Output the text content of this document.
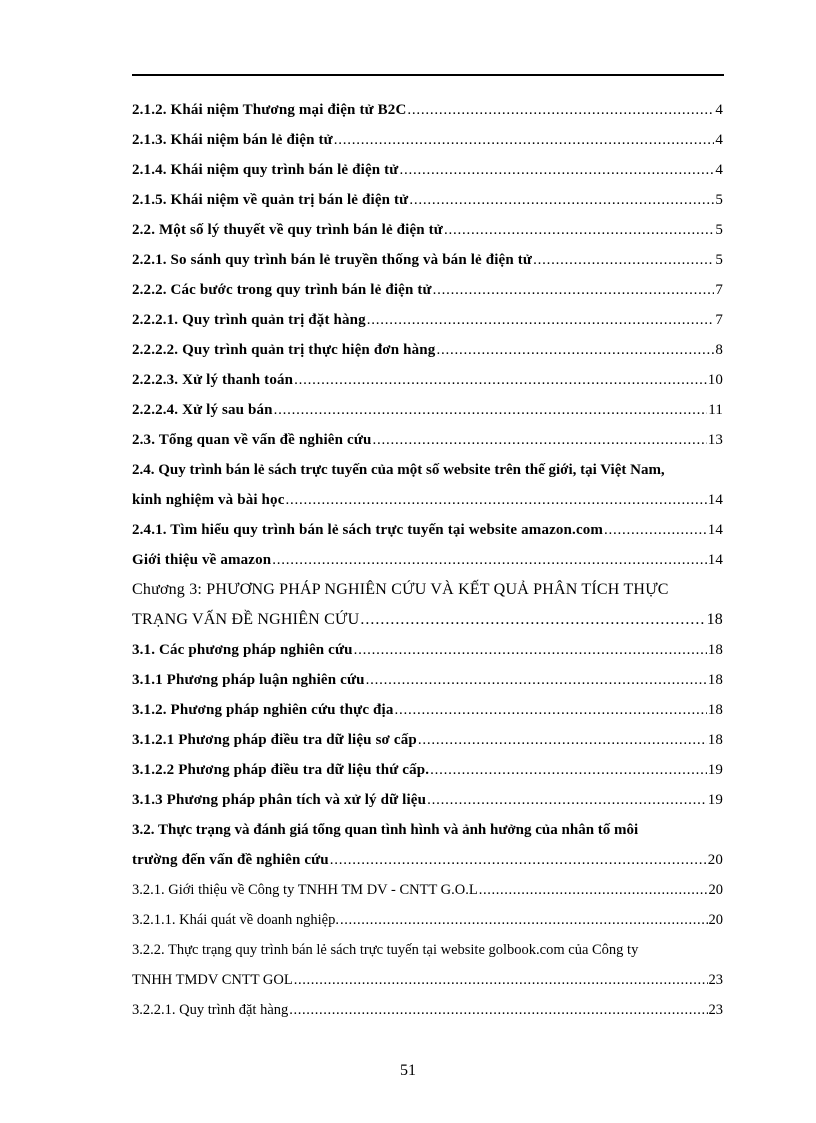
2.1.2. Khái niệm Thương mại điện tử B2C . . .	4
2.1.3. Khái niệm bán lẻ điện tử . . .	4
2.1.4. Khái niệm quy trình bán lẻ điện tử . . .	4
2.1.5. Khái niệm về quản trị bán lẻ điện tử . . .	5
2.2. Một số lý thuyết về quy trình bán lẻ điện tử . . .	5
2.2.1. So sánh quy trình bán lẻ truyền thống và bán lẻ điện tử . . .	5
2.2.2. Các bước trong quy trình bán lẻ điện tử . . .	7
2.2.2.1. Quy trình quản trị đặt hàng . . .	7
2.2.2.2. Quy trình quản trị thực hiện đơn hàng . . .	8
2.2.2.3. Xử lý thanh toán . . .	10
2.2.2.4. Xử lý sau bán . . .	11
2.3. Tổng quan về vấn đề nghiên cứu . . .	13
2.4. Quy trình bán lẻ sách trực tuyến của một số website trên thế giới, tại Việt Nam,
kinh nghiệm và bài học . . .	14
2.4.1. Tìm hiểu quy trình bán lẻ sách trực tuyến tại website amazon.com . . .	14
Giới thiệu về amazon . . .	14
Chương 3: PHƯƠNG PHÁP NGHIÊN CỨU VÀ KẾT QUẢ PHÂN TÍCH THỰC
TRẠNG VẤN ĐỀ NGHIÊN CỨU . . .	18
3.1. Các phương pháp nghiên cứu . . .	18
3.1.1 Phương pháp luận nghiên cứu . . .	18
3.1.2. Phương pháp nghiên cứu thực địa . . .	18
3.1.2.1 Phương pháp điều tra dữ liệu sơ cấp . . .	18
3.1.2.2 Phương pháp điều tra dữ liệu thứ cấp. . . .	19
3.1.3 Phương pháp phân tích và xử lý dữ liệu . . .	19
3.2. Thực trạng và đánh giá tổng quan tình hình và ảnh hưởng của nhân tố môi
trường đến vấn đề nghiên cứu . . .	20
3.2.1. Giới thiệu về Công ty TNHH TM DV - CNTT G.O.L . . .	20
3.2.1.1. Khái quát về doanh nghiệp. . . .	20
3.2.2. Thực trạng quy trình bán lẻ sách trực tuyến tại website golbook.com của Công ty
TNHH TMDV CNTT GOL . . .	23
3.2.2.1. Quy trình đặt hàng . . .	23
51
